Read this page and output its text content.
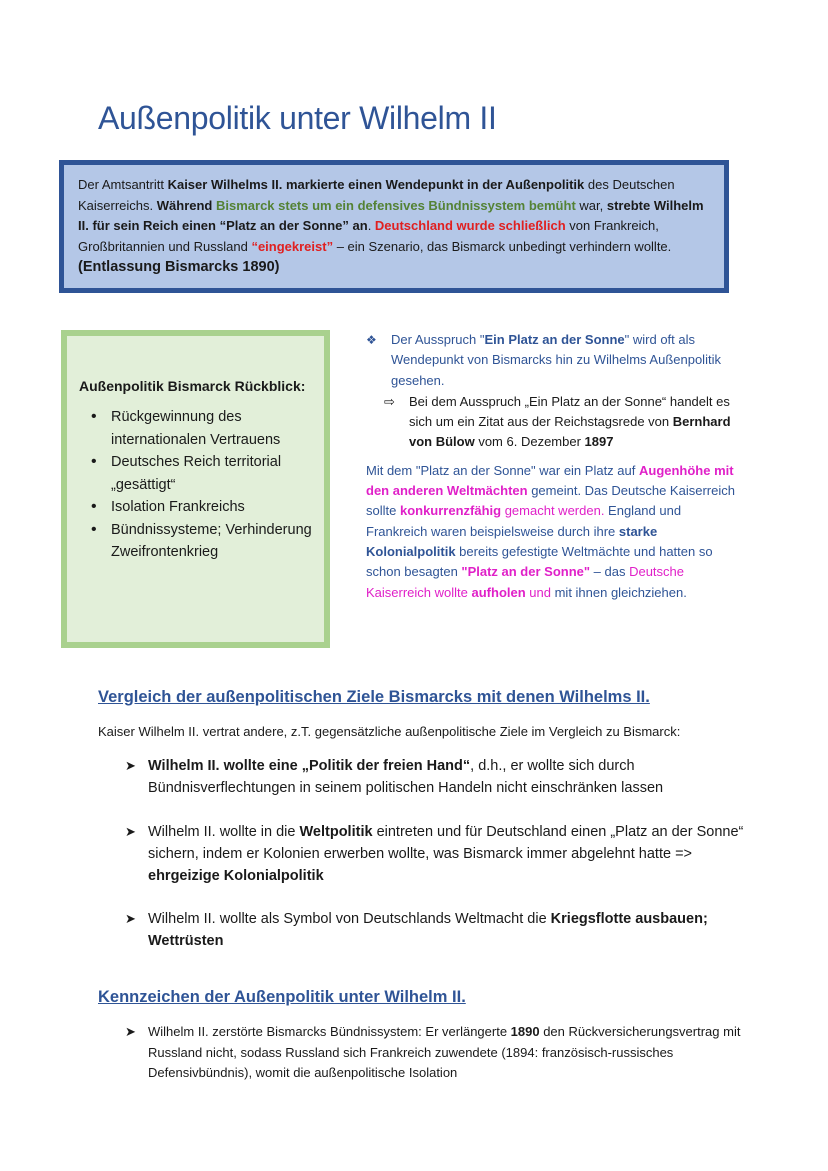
Außenpolitik unter Wilhelm II
Der Amtsantritt Kaiser Wilhelms II. markierte einen Wendepunkt in der Außenpolitik des Deutschen Kaiserreichs. Während Bismarck stets um ein defensives Bündnissystem bemüht war, strebte Wilhelm II. für sein Reich einen “Platz an der Sonne” an. Deutschland wurde schließlich von Frankreich, Großbritannien und Russland “eingekreist” – ein Szenario, das Bismarck unbedingt verhindern wollte. (Entlassung Bismarcks 1890)
Außenpolitik Bismarck Rückblick:
• Rückgewinnung des internationalen Vertrauens
• Deutsches Reich territorial „gesättigt“
• Isolation Frankreichs
• Bündnissysteme; Verhinderung Zweifrontenkrieg
❖ Der Ausspruch "Ein Platz an der Sonne" wird oft als Wendepunkt von Bismarcks hin zu Wilhelms Außenpolitik gesehen.
⇨ Bei dem Ausspruch „Ein Platz an der Sonne“ handelt es sich um ein Zitat aus der Reichstagsrede von Bernhard von Bülow vom 6. Dezember 1897
Mit dem "Platz an der Sonne" war ein Platz auf Augenhöhe mit den anderen Weltmächten gemeint. Das Deutsche Kaiserreich sollte konkurrenzfähig gemacht werden. England und Frankreich waren beispielsweise durch ihre starke Kolonialpolitik bereits gefestigte Weltmächte und hatten so schon besagten "Platz an der Sonne" – das Deutsche Kaiserreich wollte aufholen und mit ihnen gleichziehen.
Vergleich der außenpolitischen Ziele Bismarcks mit denen Wilhelms II.

Kaiser Wilhelm II. vertrat andere, z.T. gegensätzliche außenpolitische Ziele im Vergleich zu Bismarck:

➤ Wilhelm II. wollte eine „Politik der freien Hand“, d.h., er wollte sich durch Bündnisverflechtungen in seinem politischen Handeln nicht einschränken lassen
➤ Wilhelm II. wollte in die Weltpolitik eintreten und für Deutschland einen „Platz an der Sonne“ sichern, indem er Kolonien erwerben wollte, was Bismarck immer abgelehnt hatte => ehrgeizige Kolonialpolitik
➤ Wilhelm II. wollte als Symbol von Deutschlands Weltmacht die Kriegsflotte ausbauen; Wettrüsten
Kennzeichen der Außenpolitik unter Wilhelm II.
➤ Wilhelm II. zerstörte Bismarcks Bündnissystem: Er verlängerte 1890 den Rückversicherungsvertrag mit Russland nicht, sodass Russland sich Frankreich zuwendete (1894: französisch-russisches Defensivbündnis), womit die außenpolitische Isolation
